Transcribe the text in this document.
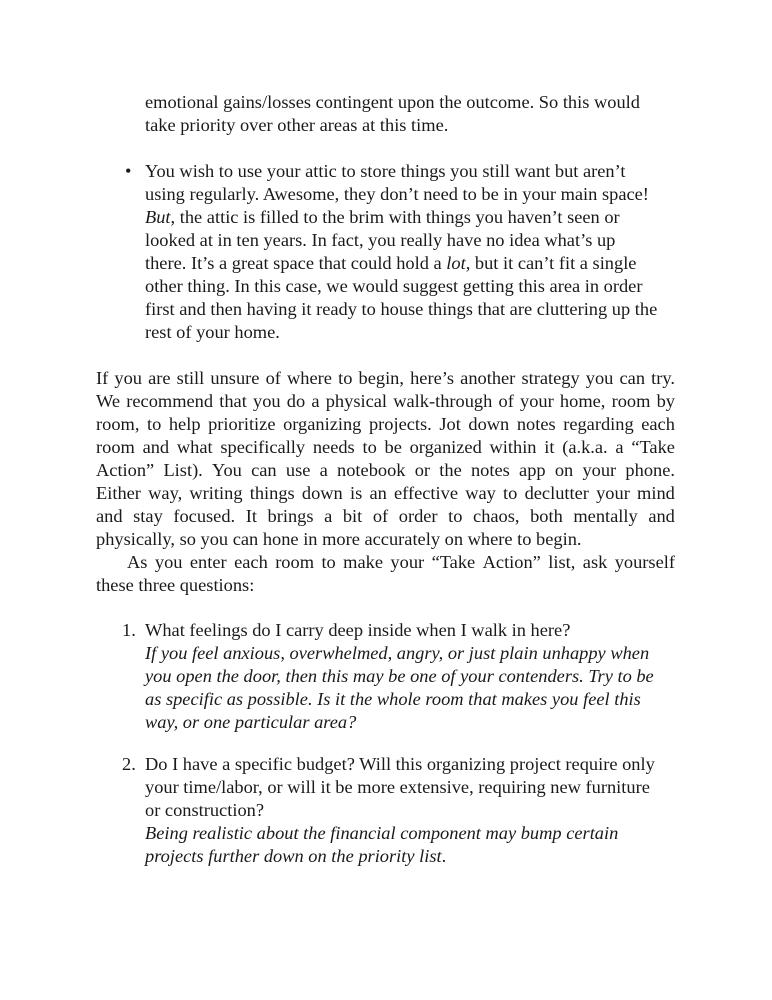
emotional gains/losses contingent upon the outcome. So this would
take priority over other areas at this time.
• You wish to use your attic to store things you still want but aren’t
using regularly. Awesome, they don’t need to be in your main space!
But, the attic is filled to the brim with things you haven’t seen or
looked at in ten years. In fact, you really have no idea what’s up
there. It’s a great space that could hold a lot, but it can’t fit a single
other thing. In this case, we would suggest getting this area in order
first and then having it ready to house things that are cluttering up the
rest of your home.
If you are still unsure of where to begin, here’s another strategy you can try.
We recommend that you do a physical walk-through of your home, room by
room, to help prioritize organizing projects. Jot down notes regarding each
room and what specifically needs to be organized within it (a.k.a. a “Take
Action” List). You can use a notebook or the notes app on your phone.
Either way, writing things down is an effective way to declutter your mind
and stay focused. It brings a bit of order to chaos, both mentally and
physically, so you can hone in more accurately on where to begin.
As you enter each room to make your “Take Action” list, ask yourself
these three questions:
1. What feelings do I carry deep inside when I walk in here?
If you feel anxious, overwhelmed, angry, or just plain unhappy when
you open the door, then this may be one of your contenders. Try to be
as specific as possible. Is it the whole room that makes you feel this
way, or one particular area?
2. Do I have a specific budget? Will this organizing project require only
your time/labor, or will it be more extensive, requiring new furniture
or construction?
Being realistic about the financial component may bump certain
projects further down on the priority list.
